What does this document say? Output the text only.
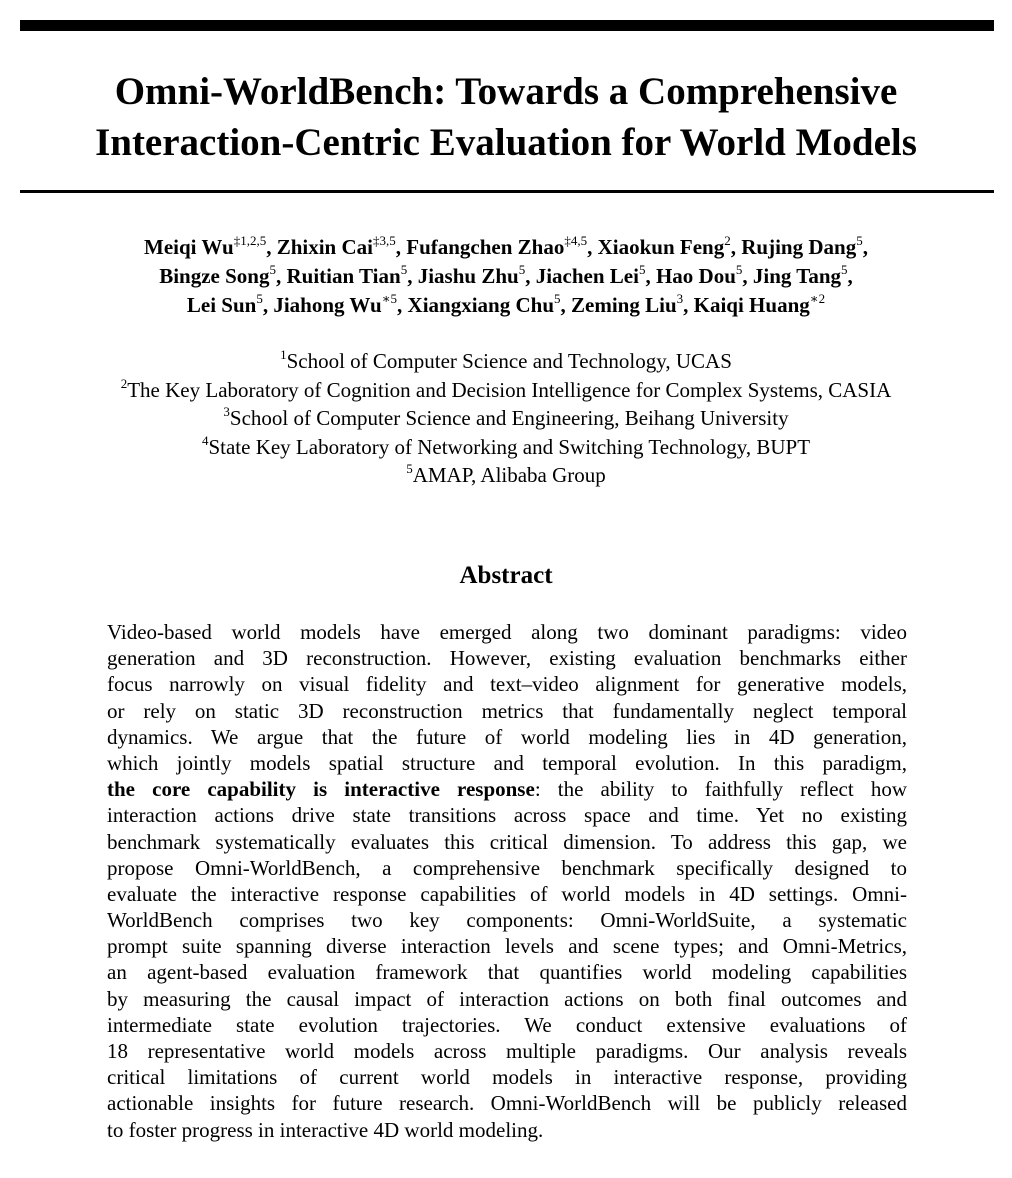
Omni-WorldBench: Towards a Comprehensive
Interaction-Centric Evaluation for World Models
Meiqi Wu$^{\ddagger 1,2,5}$, Zhixin Cai$^{\ddagger 3,5}$, Fufangchen Zhao$^{\ddagger 4,5}$, Xiaokun Feng$^2$, Rujing Dang$^5$,
Bingze Song$^5$, Ruitian Tian$^5$, Jiashu Zhu$^5$, Jiachen Lei$^5$, Hao Dou$^5$, Jing Tang$^5$,
Lei Sun$^5$, Jiahong $Wu^{∗5}$, Xiangxiang Chu$^5$, Zeming Liu$^3$, Kaiqi Huang$^{∗2}$
$^1$School of Computer Science and Technology, UCAS
$^2$The Key Laboratory of Cognition and Decision Intelligence for Complex Systems, CASIA
$^3$School of Computer Science and Engineering, Beihang University
$^4$State Key Laboratory of Networking and Switching Technology, BUPT
$^5$AMAP, Alibaba Group
Abstract
Video-based world models have emerged along two dominant paradigms: video
generation and 3D reconstruction. However, existing evaluation benchmarks either
focus narrowly on visual fidelity and text–video alignment for generative models,
or rely on static 3D reconstruction metrics that fundamentally neglect temporal
dynamics. We argue that the future of world modeling lies in 4D generation,
which jointly models spatial structure and temporal evolution. In this paradigm,
the core capability is interactive response: the ability to faithfully reflect how
interaction actions drive state transitions across space and time. Yet no existing
benchmark systematically evaluates this critical dimension. To address this gap, we
propose Omni-WorldBench, a comprehensive benchmark specifically designed to
evaluate the interactive response capabilities of world models in 4D settings. Omni-
WorldBench comprises two key components: Omni-WorldSuite, a systematic
prompt suite spanning diverse interaction levels and scene types; and Omni-Metrics,
an agent-based evaluation framework that quantifies world modeling capabilities
by measuring the causal impact of interaction actions on both final outcomes and
intermediate state evolution trajectories. We conduct extensive evaluations of
18 representative world models across multiple paradigms. Our analysis reveals
critical limitations of current world models in interactive response, providing
actionable insights for future research. Omni-WorldBench will be publicly released
to foster progress in interactive 4D world modeling.
